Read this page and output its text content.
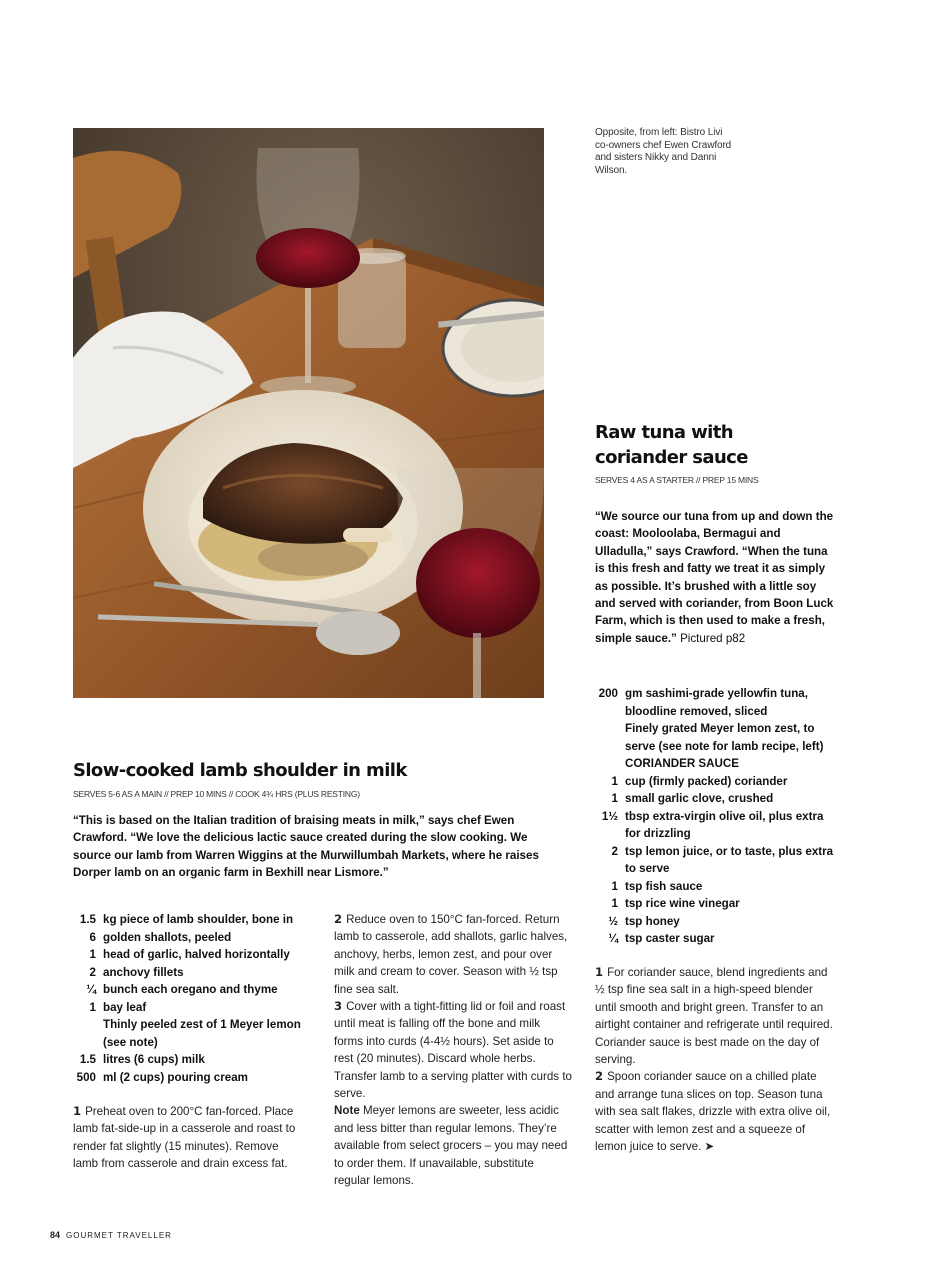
Opposite, from left: Bistro Livi co-owners chef Ewen Crawford and sisters Nikky and Danni Wilson.
Raw tuna with
coriander sauce
SERVES 4 AS A STARTER // PREP 15 MINS
“We source our tuna from up and down the coast: Mooloolaba, Bermagui and Ulladulla,” says Crawford. “When the tuna is this fresh and fatty we treat it as simply as possible. It’s brushed with a little soy and served with coriander, from Boon Luck Farm, which is then used to make a fresh, simple sauce.” Pictured p82
200 gm sashimi-grade yellowfin tuna, bloodline removed, sliced
Finely grated Meyer lemon zest, to serve (see note for lamb recipe, left)
CORIANDER SAUCE
1 cup (firmly packed) coriander
1 small garlic clove, crushed
1½ tbsp extra-virgin olive oil, plus extra for drizzling
2 tsp lemon juice, or to taste, plus extra to serve
1 tsp fish sauce
1 tsp rice wine vinegar
½ tsp honey
¼ tsp caster sugar

1 For coriander sauce, blend ingredients and ½ tsp fine sea salt in a high-speed blender until smooth and bright green. Transfer to an airtight container and refrigerate until required. Coriander sauce is best made on the day of serving.

2 Spoon coriander sauce on a chilled plate and arrange tuna slices on top. Season tuna with sea salt flakes, drizzle with extra olive oil, scatter with lemon zest and a squeeze of lemon juice to serve. ➤

Slow-cooked lamb shoulder in milk
SERVES 5-6 AS A MAIN // PREP 10 MINS // COOK 4¾ HRS (PLUS RESTING)
“This is based on the Italian tradition of braising meats in milk,” says chef Ewen Crawford. “We love the delicious lactic sauce created during the slow cooking. We source our lamb from Warren Wiggins at the Murwillumbah Markets, where he raises Dorper lamb on an organic farm in Bexhill near Lismore.”
1.5 kg piece of lamb shoulder, bone in
6 golden shallots, peeled
1 head of garlic, halved horizontally
2 anchovy fillets
¼ bunch each oregano and thyme
1 bay leaf
Thinly peeled zest of 1 Meyer lemon (see note)
1.5 litres (6 cups) milk
500 ml (2 cups) pouring cream

1 Preheat oven to 200°C fan-forced. Place lamb fat-side-up in a casserole and roast to render fat slightly (15 minutes). Remove lamb from casserole and drain excess fat.

2 Reduce oven to 150°C fan-forced. Return lamb to casserole, add shallots, garlic halves, anchovy, herbs, lemon zest, and pour over milk and cream to cover. Season with ½ tsp fine sea salt.

3 Cover with a tight-fitting lid or foil and roast until meat is falling off the bone and milk forms into curds (4-4½ hours). Set aside to rest (20 minutes). Discard whole herbs. Transfer lamb to a serving platter with curds to serve.

Note Meyer lemons are sweeter, less acidic and less bitter than regular lemons. They’re available from select grocers – you may need to order them. If unavailable, substitute regular lemons.

84 GOURMET TRAVELLER
